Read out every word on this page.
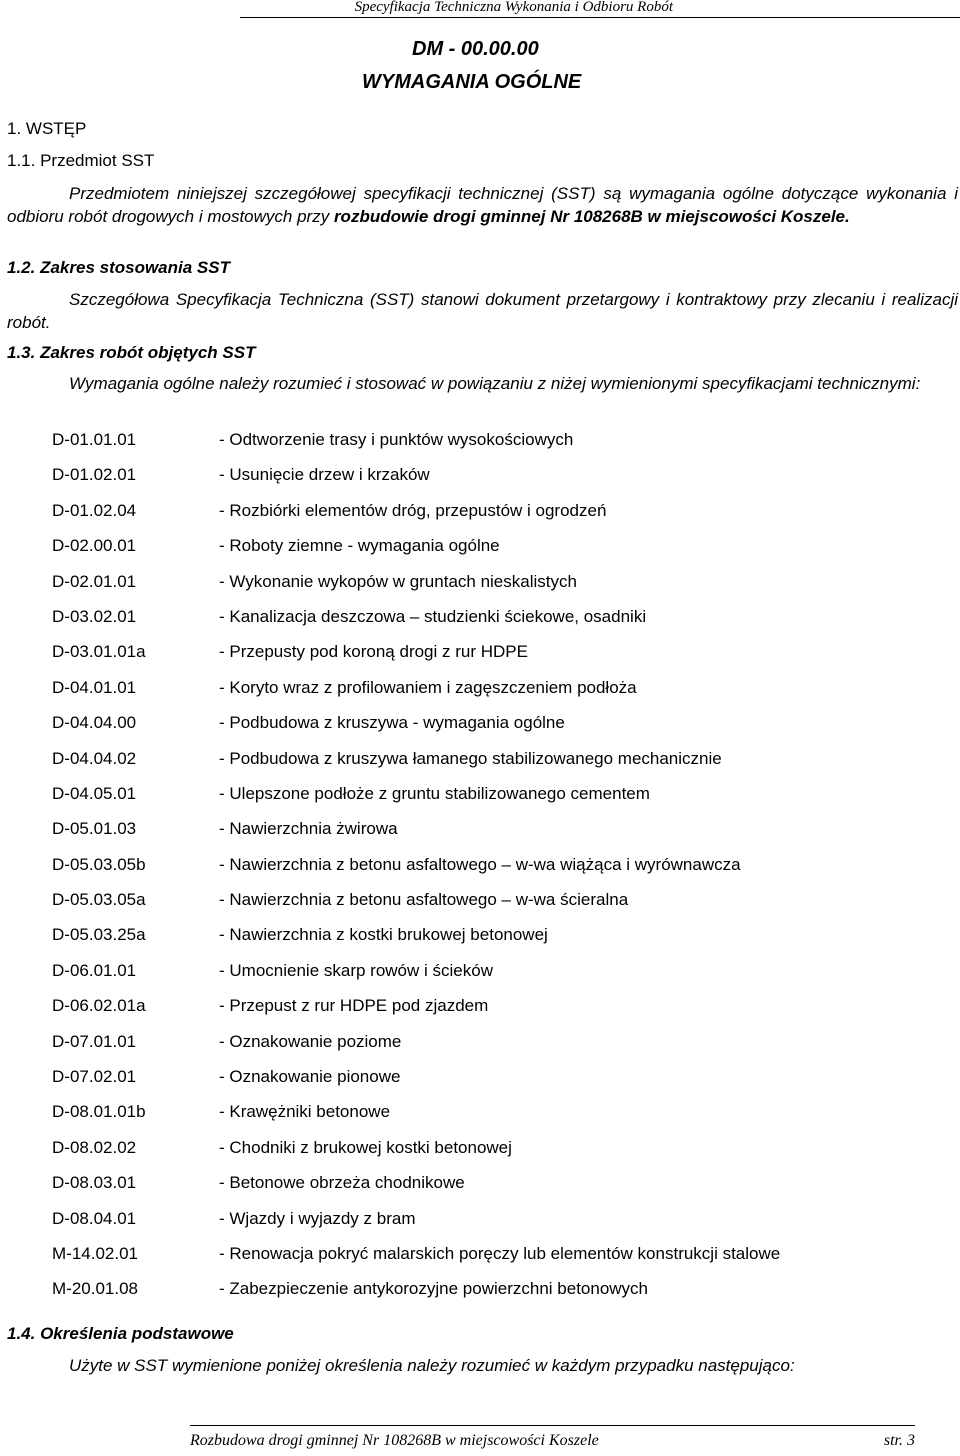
Specyfikacja Techniczna Wykonania i Odbioru Robót
DM - 00.00.00
WYMAGANIA OGÓLNE
1. WSTĘP
1.1. Przedmiot SST
Przedmiotem niniejszej szczegółowej specyfikacji technicznej (SST) są wymagania ogólne dotyczące wykonania i odbioru robót drogowych i mostowych przy rozbudowie drogi gminnej Nr 108268B w miejscowości Koszele.
1.2. Zakres stosowania SST
Szczegółowa Specyfikacja Techniczna (SST) stanowi dokument przetargowy i kontraktowy przy zlecaniu i realizacji robót.
1.3. Zakres robót objętych SST
Wymagania ogólne należy rozumieć i stosować w powiązaniu z niżej wymienionymi specyfikacjami technicznymi:
D-01.01.01	- Odtworzenie trasy i punktów wysokościowych
D-01.02.01	- Usunięcie drzew i krzaków
D-01.02.04	- Rozbiórki elementów dróg, przepustów i ogrodzeń
D-02.00.01	- Roboty ziemne - wymagania ogólne
D-02.01.01	- Wykonanie wykopów w gruntach nieskalistych
D-03.02.01	- Kanalizacja deszczowa – studzienki ściekowe, osadniki
D-03.01.01a	- Przepusty pod koroną drogi z rur HDPE
D-04.01.01	- Koryto wraz z profilowaniem i zagęszczeniem podłoża
D-04.04.00	- Podbudowa z kruszywa - wymagania ogólne
D-04.04.02	- Podbudowa z kruszywa łamanego stabilizowanego mechanicznie
D-04.05.01	- Ulepszone podłoże z gruntu stabilizowanego cementem
D-05.01.03	- Nawierzchnia żwirowa
D-05.03.05b	- Nawierzchnia z betonu asfaltowego – w-wa wiążąca i wyrównawcza
D-05.03.05a	- Nawierzchnia z betonu asfaltowego – w-wa ścieralna
D-05.03.25a	- Nawierzchnia z kostki brukowej betonowej
D-06.01.01	- Umocnienie skarp rowów i ścieków
D-06.02.01a	- Przepust z rur HDPE pod zjazdem
D-07.01.01	- Oznakowanie poziome
D-07.02.01	- Oznakowanie pionowe
D-08.01.01b	- Krawężniki betonowe
D-08.02.02	- Chodniki z brukowej kostki betonowej
D-08.03.01	- Betonowe obrzeża chodnikowe
D-08.04.01	- Wjazdy i wyjazdy z bram
M-14.02.01	- Renowacja pokryć malarskich poręczy lub elementów konstrukcji stalowe
M-20.01.08	- Zabezpieczenie antykorozyjne powierzchni betonowych
1.4. Określenia podstawowe
Użyte w SST wymienione poniżej określenia należy rozumieć w każdym przypadku następująco:
Rozbudowa drogi gminnej Nr 108268B w miejscowości Koszele	str. 3
